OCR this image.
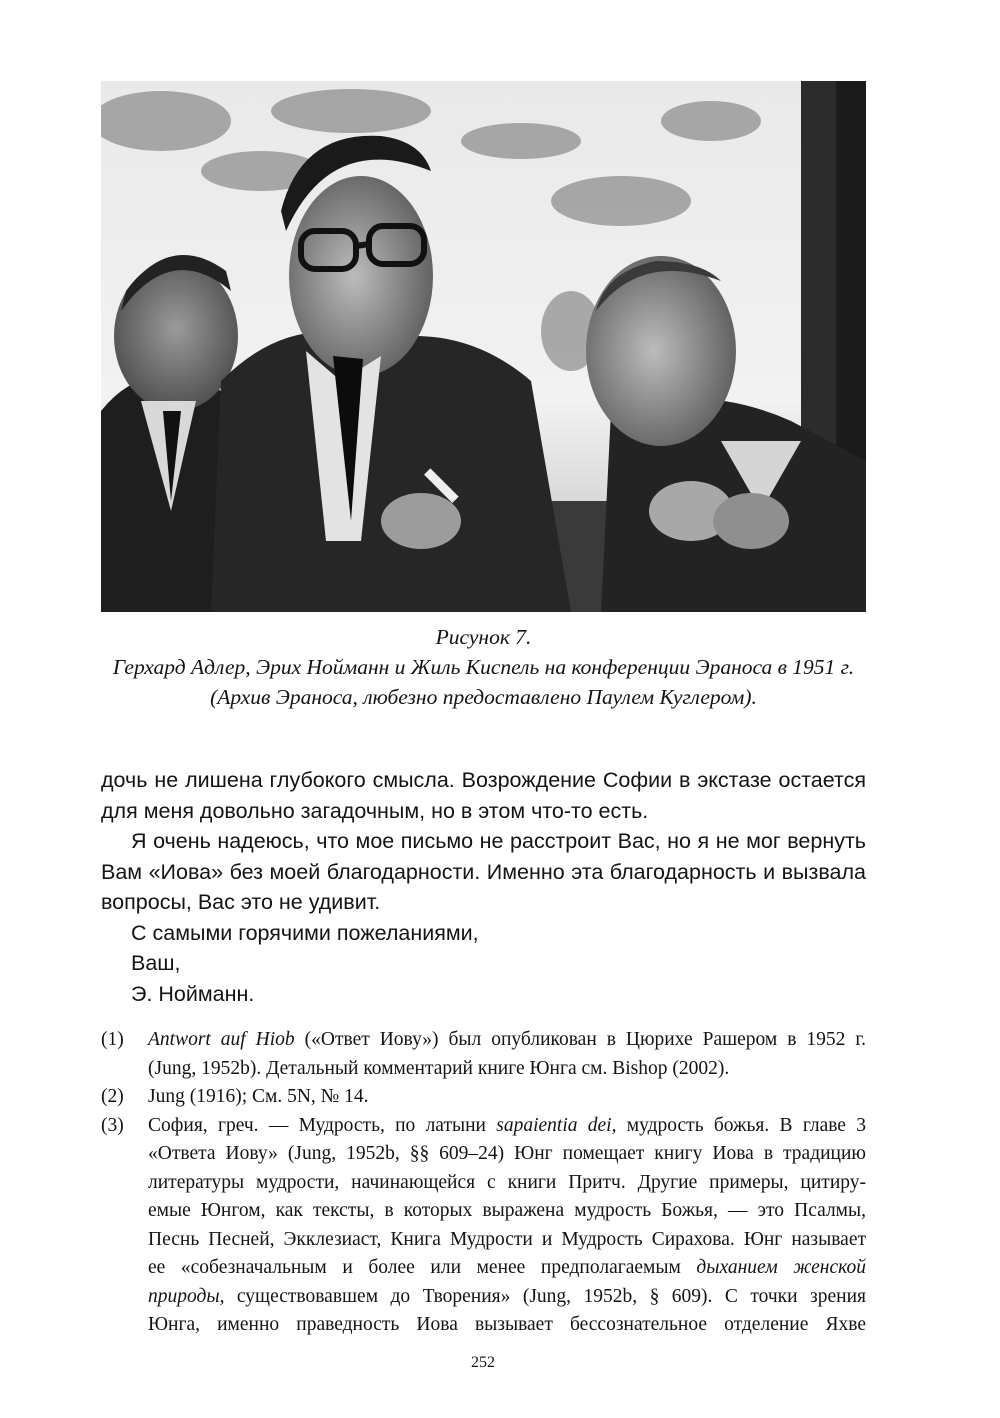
Рисунок 7.
Герхард Адлер, Эрих Нойманн и Жиль Киспель на конференции Эраноса в 1951 г.
(Архив Эраноса, любезно предоставлено Паулем Куглером).
дочь не лишена глубокого смысла. Возрождение Софии в экстазе остается
для меня довольно загадочным, но в этом что-то есть.
Я очень надеюсь, что мое письмо не расстроит Вас, но я не мог вернуть
Вам «Иова» без моей благодарности. Именно эта благодарность и вызвала
вопросы, Вас это не удивит.
С самыми горячими пожеланиями,
Ваш,
Э. Нойманн.
(1) Antwort auf Hiob («Ответ Иову») был опубликован в Цюрихе Рашером в 1952 г.
(Jung, 1952b). Детальный комментарий книге Юнга см. Bishop (2002).
(2) Jung (1916); См. 5N, № 14.
(3) София, греч. — Мудрость, по латыни sapaientia dei, мудрость божья. В главе 3
«Ответа Иову» (Jung, 1952b, §§ 609–24) Юнг помещает книгу Иова в традицию
литературы мудрости, начинающейся с книги Притч. Другие примеры, цитиру-
емые Юнгом, как тексты, в которых выражена мудрость Божья, — это Псалмы,
Песнь Песней, Экклезиаст, Книга Мудрости и Мудрость Сирахова. Юнг называет
ее «собезначальным и более или менее предполагаемым дыханием женской
природы, существовавшем до Творения» (Jung, 1952b, § 609). С точки зрения
Юнга, именно праведность Иова вызывает бессознательное отделение Яхве
252
